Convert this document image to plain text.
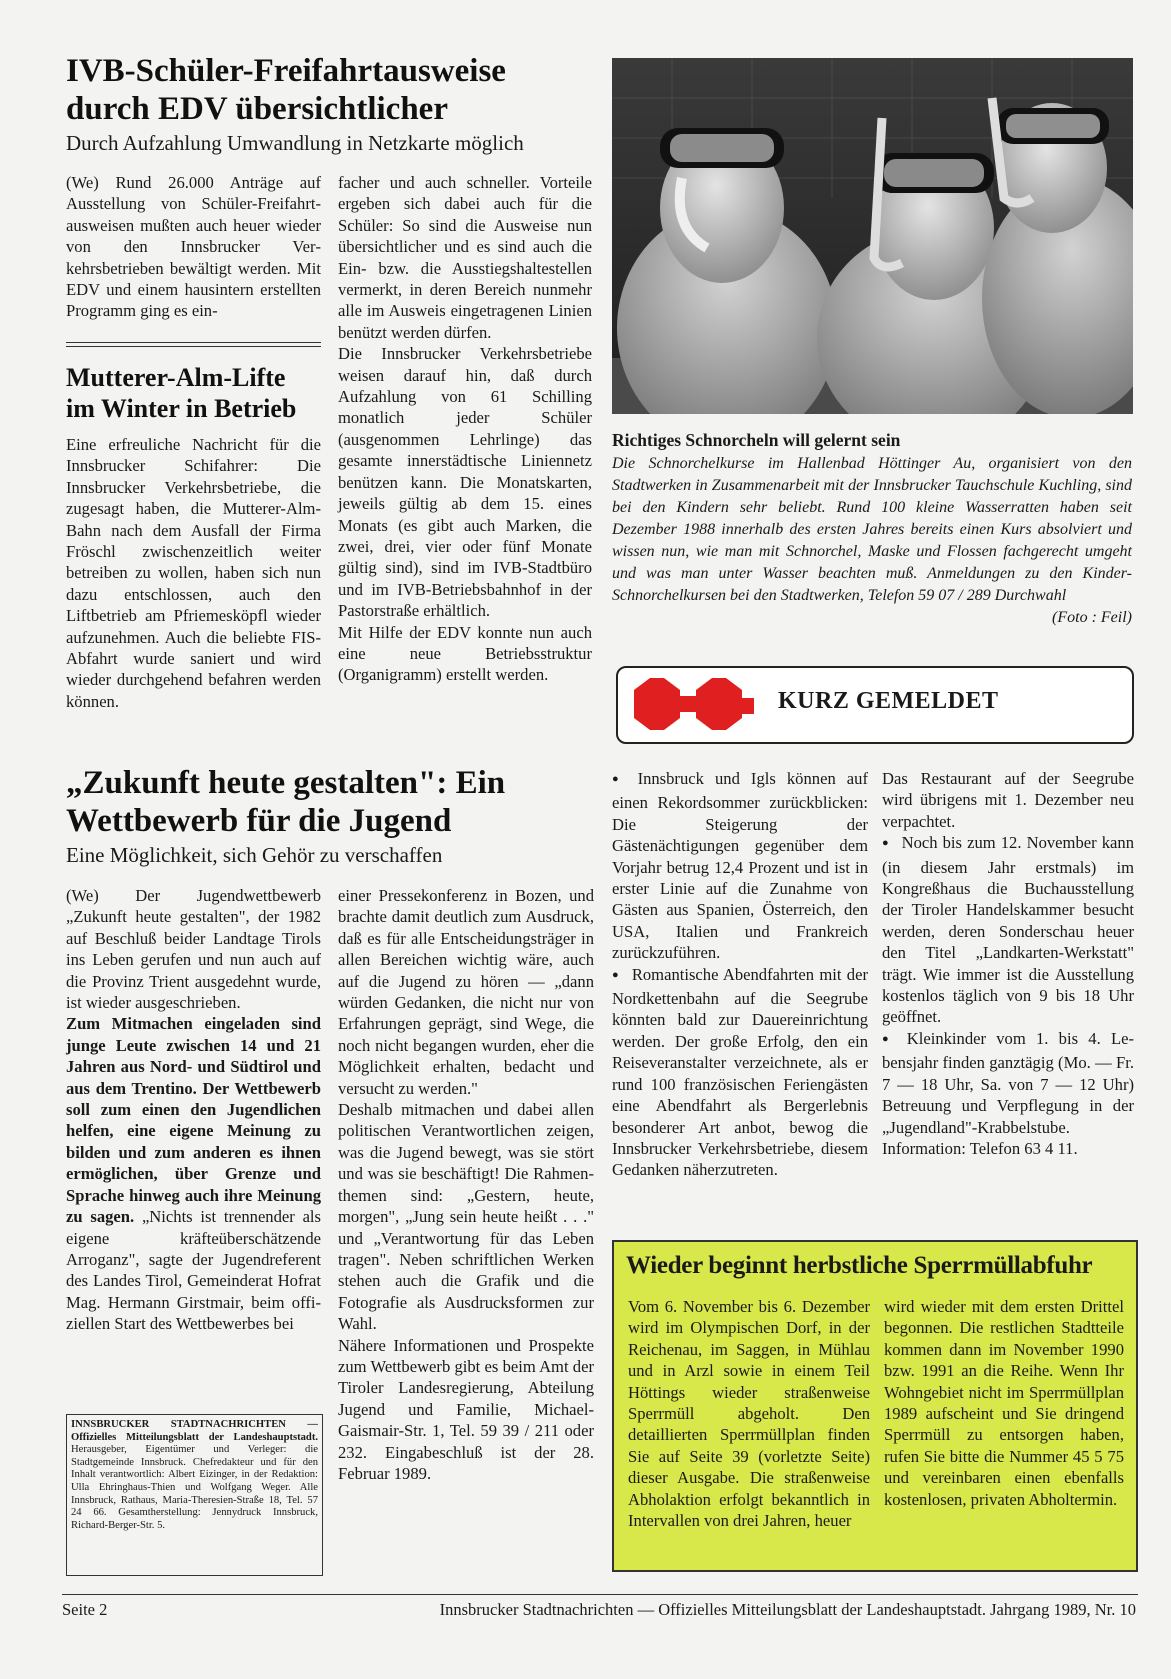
IVB-Schüler-Freifahrtausweise
durch EDV übersichtlicher

Durch Aufzahlung Umwandlung in Netzkarte möglich

(We) Rund 26.000 Anträge auf Ausstellung von Schüler-Freifahrtausweisen mußten auch heuer wieder von den Innsbrucker Verkehrsbetrieben bewältigt werden. Mit EDV und einem hausintern erstellten Programm ging es ein-

Mutterer-Alm-Lifte
im Winter in Betrieb

Eine erfreuliche Nachricht für die Innsbrucker Schifahrer: Die Innsbrucker Verkehrsbetriebe, die zugesagt haben, die Mutterer-Alm-Bahn nach dem Ausfall der Firma Fröschl zwischenzeitlich weiter betreiben zu wollen, haben sich nun dazu entschlossen, auch den Liftbetrieb am Pfriemesköpfl wieder aufzunehmen. Auch die beliebte FIS-Abfahrt wurde saniert und wird wieder durchgehend befahren werden können.

facher und auch schneller. Vorteile ergeben sich dabei auch für die Schüler: So sind die Ausweise nun übersichtlicher und es sind auch die Ein- bzw. die Ausstiegshaltestellen vermerkt, in deren Bereich nunmehr alle im Ausweis eingetragenen Linien benützt werden dürfen.

Die Innsbrucker Verkehrsbetriebe weisen darauf hin, daß durch Aufzahlung von 61 Schilling monatlich jeder Schüler (ausgenommen Lehrlinge) das gesamte innerstädtische Liniennetz benützen kann. Die Monatskarten, jeweils gültig ab dem 15. eines Monats (es gibt auch Marken, die zwei, drei, vier oder fünf Monate gültig sind), sind im IVB-Stadtbüro und im IVB-Betriebsbahnhof in der Pastorstraße erhältlich.

Mit Hilfe der EDV konnte nun auch eine neue Betriebsstruktur (Organigramm) erstellt werden.

Richtiges Schnorcheln will gelernt sein
Die Schnorchelkurse im Hallenbad Höttinger Au, organisiert von den Stadtwerken in Zusammenarbeit mit der Innsbrucker Tauchschule Kuchling, sind bei den Kindern sehr beliebt. Rund 100 kleine Wasserratten haben seit Dezember 1988 innerhalb des ersten Jahres bereits einen Kurs absolviert und wissen nun, wie man mit Schnorchel, Maske und Flossen fachgerecht umgeht und was man unter Wasser beachten muß. Anmeldungen zu den Kinder-Schnorchelkursen bei den Stadtwerken, Telefon 59 07 / 289 Durchwahl
(Foto : Feil)
KURZ GEMELDET

● Innsbruck und Igls können auf einen Rekordsommer zurückblicken: Die Steigerung der Gästenächtigungen gegenüber dem Vorjahr betrug 12,4 Prozent und ist in erster Linie auf die Zunahme von Gästen aus Spanien, Österreich, den USA, Italien und Frankreich zurückzuführen.

● Romantische Abendfahrten mit der Nordkettenbahn auf die Seegrube könnten bald zur Dauereinrichtung werden. Der große Erfolg, den ein Reiseveranstalter verzeichnete, als er rund 100 französischen Feriengästen eine Abendfahrt als Bergerlebnis besonderer Art anbot, bewog die Innsbrucker Verkehrsbetriebe, diesem Gedanken näherzutreten.

Das Restaurant auf der Seegrube wird übrigens mit 1. Dezember neu verpachtet.

● Noch bis zum 12. November kann (in diesem Jahr erstmals) im Kongreßhaus die Buchausstellung der Tiroler Handelskammer besucht werden, deren Sonderschau heuer den Titel „Landkarten-Werkstatt" trägt. Wie immer ist die Ausstellung kostenlos täglich von 9 bis 18 Uhr geöffnet.

● Kleinkinder vom 1. bis 4. Lebensjahr finden ganztägig (Mo. — Fr. 7 — 18 Uhr, Sa. von 7 — 12 Uhr) Betreuung und Verpflegung in der „Jugendland"-Krabbelstube. Information: Telefon 63 4 11.

„Zukunft heute gestalten": Ein
Wettbewerb für die Jugend

Eine Möglichkeit, sich Gehör zu verschaffen

(We) Der Jugendwettbewerb „Zukunft heute gestalten", der 1982 auf Beschluß beider Landtage Tirols ins Leben gerufen und nun auch auf die Provinz Trient ausgedehnt wurde, ist wieder ausgeschrieben.

Zum Mitmachen eingeladen sind junge Leute zwischen 14 und 21 Jahren aus Nord- und Südtirol und aus dem Trentino. Der Wettbewerb soll zum einen den Jugendlichen helfen, eine eigene Meinung zu bilden und zum anderen es ihnen ermöglichen, über Grenze und Sprache hinweg auch ihre Meinung zu sagen. „Nichts ist trennender als eigene kräfteüberschätzende Arroganz", sagte der Jugendreferent des Landes Tirol, Gemeinderat Hofrat Mag. Hermann Girstmair, beim offiziellen Start des Wettbewerbes bei

INNSBRUCKER STADTNACHRICHTEN — Offizielles Mitteilungsblatt der Landeshauptstadt. Herausgeber, Eigentümer und Verleger: die Stadtgemeinde Innsbruck. Chefredakteur und für den Inhalt verantwortlich: Albert Eizinger, in der Redaktion: Ulla Ehringhaus-Thien und Wolfgang Weger. Alle Innsbruck, Rathaus, Maria-Theresien-Straße 18, Tel. 57 24 66. Gesamtherstellung: Jennydruck Innsbruck, Richard-Berger-Str. 5.

einer Pressekonferenz in Bozen, und brachte damit deutlich zum Ausdruck, daß es für alle Entscheidungsträger in allen Bereichen wichtig wäre, auch auf die Jugend zu hören — „dann würden Gedanken, die nicht nur von Erfahrungen geprägt, sind Wege, die noch nicht begangen wurden, eher die Möglichkeit erhalten, bedacht und versucht zu werden."

Deshalb mitmachen und dabei allen politischen Verantwortlichen zeigen, was die Jugend bewegt, was sie stört und was sie beschäftigt! Die Rahmenthemen sind: „Gestern, heute, morgen", „Jung sein heute heißt . . ." und „Verantwortung für das Leben tragen". Neben schriftlichen Werken stehen auch die Grafik und die Fotografie als Ausdrucksformen zur Wahl.

Nähere Informationen und Prospekte zum Wettbewerb gibt es beim Amt der Tiroler Landesregierung, Abteilung Jugend und Familie, Michael-Gaismair-Str. 1, Tel. 59 39 / 211 oder 232. Eingabeschluß ist der 28. Februar 1989.

Wieder beginnt herbstliche Sperrmüllabfuhr

Vom 6. November bis 6. Dezember wird im Olympischen Dorf, in der Reichenau, im Saggen, in Mühlau und in Arzl sowie in einem Teil Höttings wieder straßenweise Sperrmüll abgeholt. Den detaillierten Sperrmüllplan finden Sie auf Seite 39 (vorletzte Seite) dieser Ausgabe. Die straßenweise Abholaktion erfolgt bekanntlich in Intervallen von drei Jahren, heuer

wird wieder mit dem ersten Drittel begonnen. Die restlichen Stadtteile kommen dann im November 1990 bzw. 1991 an die Reihe. Wenn Ihr Wohngebiet nicht im Sperrmüllplan 1989 aufscheint und Sie dringend Sperrmüll zu entsorgen haben, rufen Sie bitte die Nummer 45 5 75 und vereinbaren einen ebenfalls kostenlosen, privaten Abholtermin.

Seite 2	Innsbrucker Stadtnachrichten — Offizielles Mitteilungsblatt der Landeshauptstadt. Jahrgang 1989, Nr. 10
